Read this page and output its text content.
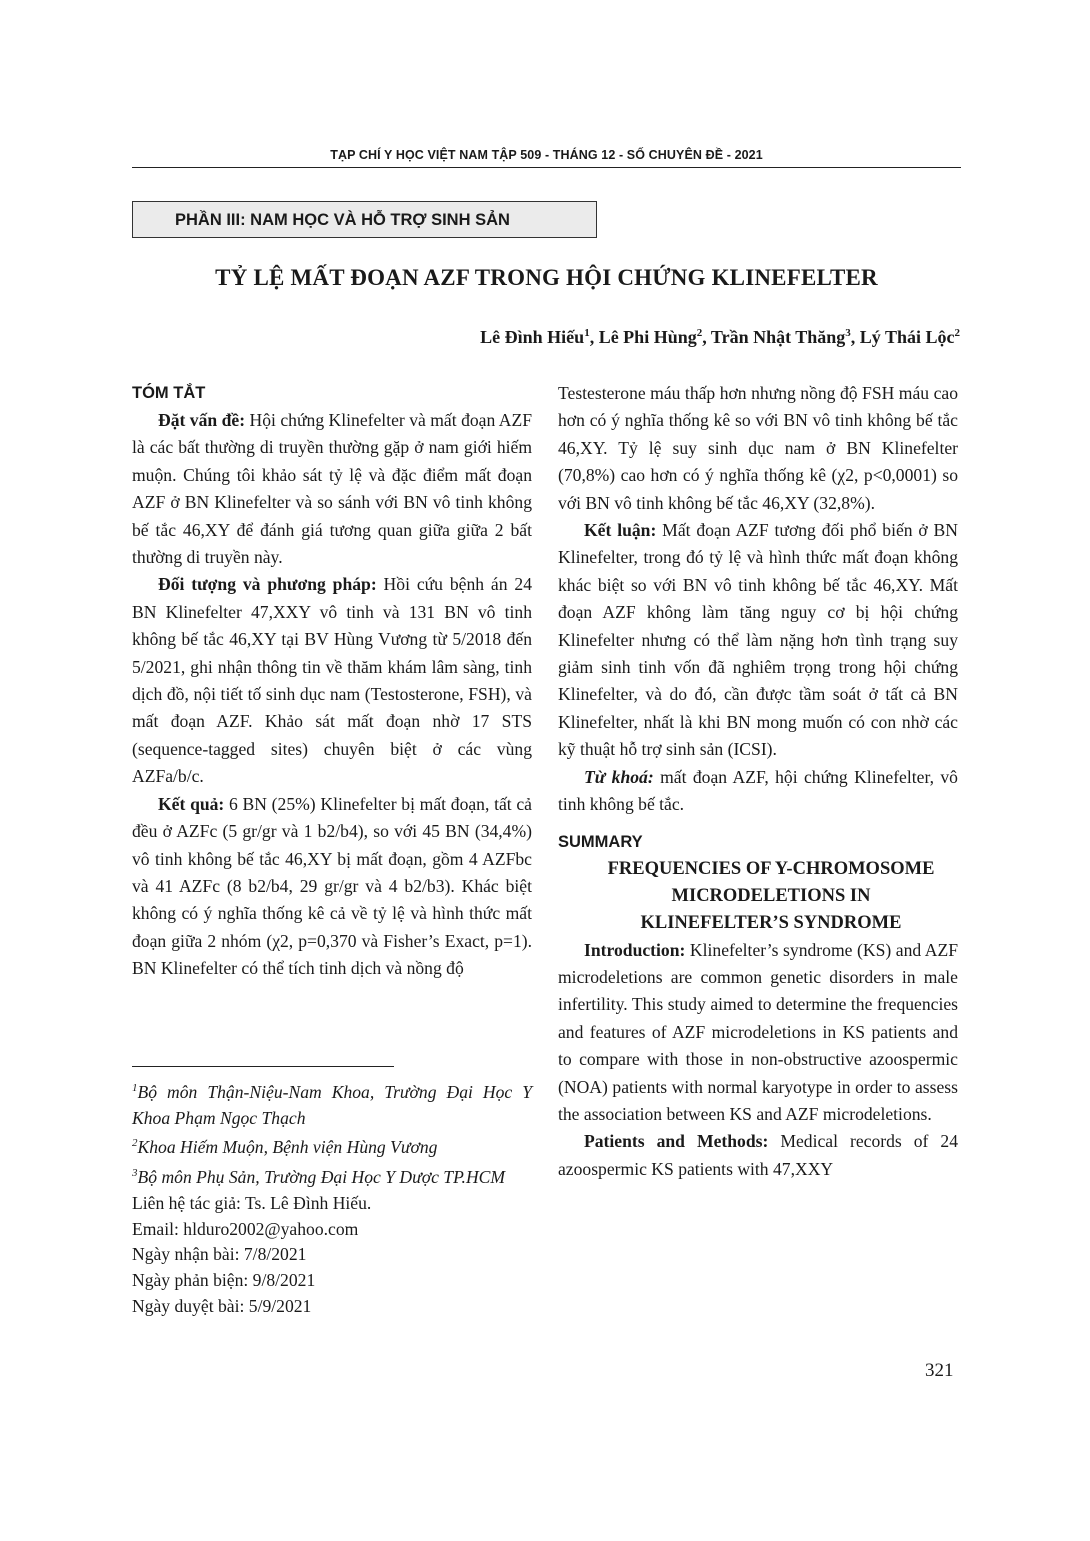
TẠP CHÍ Y HỌC VIỆT NAM TẬP 509 - THÁNG 12 - SỐ CHUYÊN ĐỀ - 2021
PHẦN III: NAM HỌC VÀ HỖ TRỢ SINH SẢN
TỶ LỆ MẤT ĐOẠN AZF TRONG HỘI CHỨNG KLINEFELTER
Lê Đình Hiếu$^1$, Lê Phi Hùng$^2$, Trần Nhật Thăng$^3$, Lý Thái Lộc$^2$
TÓM TẮT

Đặt vấn đề: Hội chứng Klinefelter và mất đoạn AZF là các bất thường di truyền thường gặp ở nam giới hiếm muộn. Chúng tôi khảo sát tỷ lệ và đặc điểm mất đoạn AZF ở BN Klinefelter và so sánh với BN vô tinh không bế tắc 46,XY để đánh giá tương quan giữa giữa 2 bất thường di truyền này.

Đối tượng và phương pháp: Hồi cứu bệnh án 24 BN Klinefelter 47,XXY vô tinh và 131 BN vô tinh không bế tắc 46,XY tại BV Hùng Vương từ 5/2018 đến 5/2021, ghi nhận thông tin về thăm khám lâm sàng, tinh dịch đồ, nội tiết tố sinh dục nam (Testosterone, FSH), và mất đoạn AZF. Khảo sát mất đoạn nhờ 17 STS (sequence-tagged sites) chuyên biệt ở các vùng AZFa/b/c.

Kết quả: 6 BN (25%) Klinefelter bị mất đoạn, tất cả đều ở AZFc (5 gr/gr và 1 b2/b4), so với 45 BN (34,4%) vô tinh không bế tắc 46,XY bị mất đoạn, gồm 4 AZFbc và 41 AZFc (8 b2/b4, 29 gr/gr và 4 b2/b3). Khác biệt không có ý nghĩa thống kê cả về tỷ lệ và hình thức mất đoạn giữa 2 nhóm (χ2, p=0,370 và Fisher’s Exact, p=1). BN Klinefelter có thể tích tinh dịch và nồng độ

$^1$Bộ môn Thận-Niệu-Nam Khoa, Trường Đại Học Y Khoa Phạm Ngọc Thạch

$^2$Khoa Hiếm Muộn, Bệnh viện Hùng Vương

$^3$Bộ môn Phụ Sản, Trường Đại Học Y Dược TP.HCM

Liên hệ tác giả: Ts. Lê Đình Hiếu.

Email: hlduro2002@yahoo.com

Ngày nhận bài: 7/8/2021

Ngày phản biện: 9/8/2021

Ngày duyệt bài: 5/9/2021

Testesterone máu thấp hơn nhưng nồng độ FSH máu cao hơn có ý nghĩa thống kê so với BN vô tinh không bế tắc 46,XY. Tỷ lệ suy sinh dục nam ở BN Klinefelter (70,8%) cao hơn có ý nghĩa thống kê (χ2, p<0,0001) so với BN vô tinh không bế tắc 46,XY (32,8%).

Kết luận: Mất đoạn AZF tương đối phổ biến ở BN Klinefelter, trong đó tỷ lệ và hình thức mất đoạn không khác biệt so với BN vô tinh không bế tắc 46,XY. Mất đoạn AZF không làm tăng nguy cơ bị hội chứng Klinefelter nhưng có thể làm nặng hơn tình trạng suy giảm sinh tinh vốn đã nghiêm trọng trong hội chứng Klinefelter, và do đó, cần được tầm soát ở tất cả BN Klinefelter, nhất là khi BN mong muốn có con nhờ các kỹ thuật hỗ trợ sinh sản (ICSI).

Từ khoá: mất đoạn AZF, hội chứng Klinefelter, vô tinh không bế tắc.

SUMMARY

FREQUENCIES OF Y-CHROMOSOME

MICRODELETIONS IN

KLINEFELTER’S SYNDROME

Introduction: Klinefelter’s syndrome (KS) and AZF microdeletions are common genetic disorders in male infertility. This study aimed to determine the frequencies and features of AZF microdeletions in KS patients and to compare with those in non-obstructive azoospermic (NOA) patients with normal karyotype in order to assess the association between KS and AZF microdeletions.

Patients and Methods: Medical records of 24 azoospermic KS patients with 47,XXY

321
